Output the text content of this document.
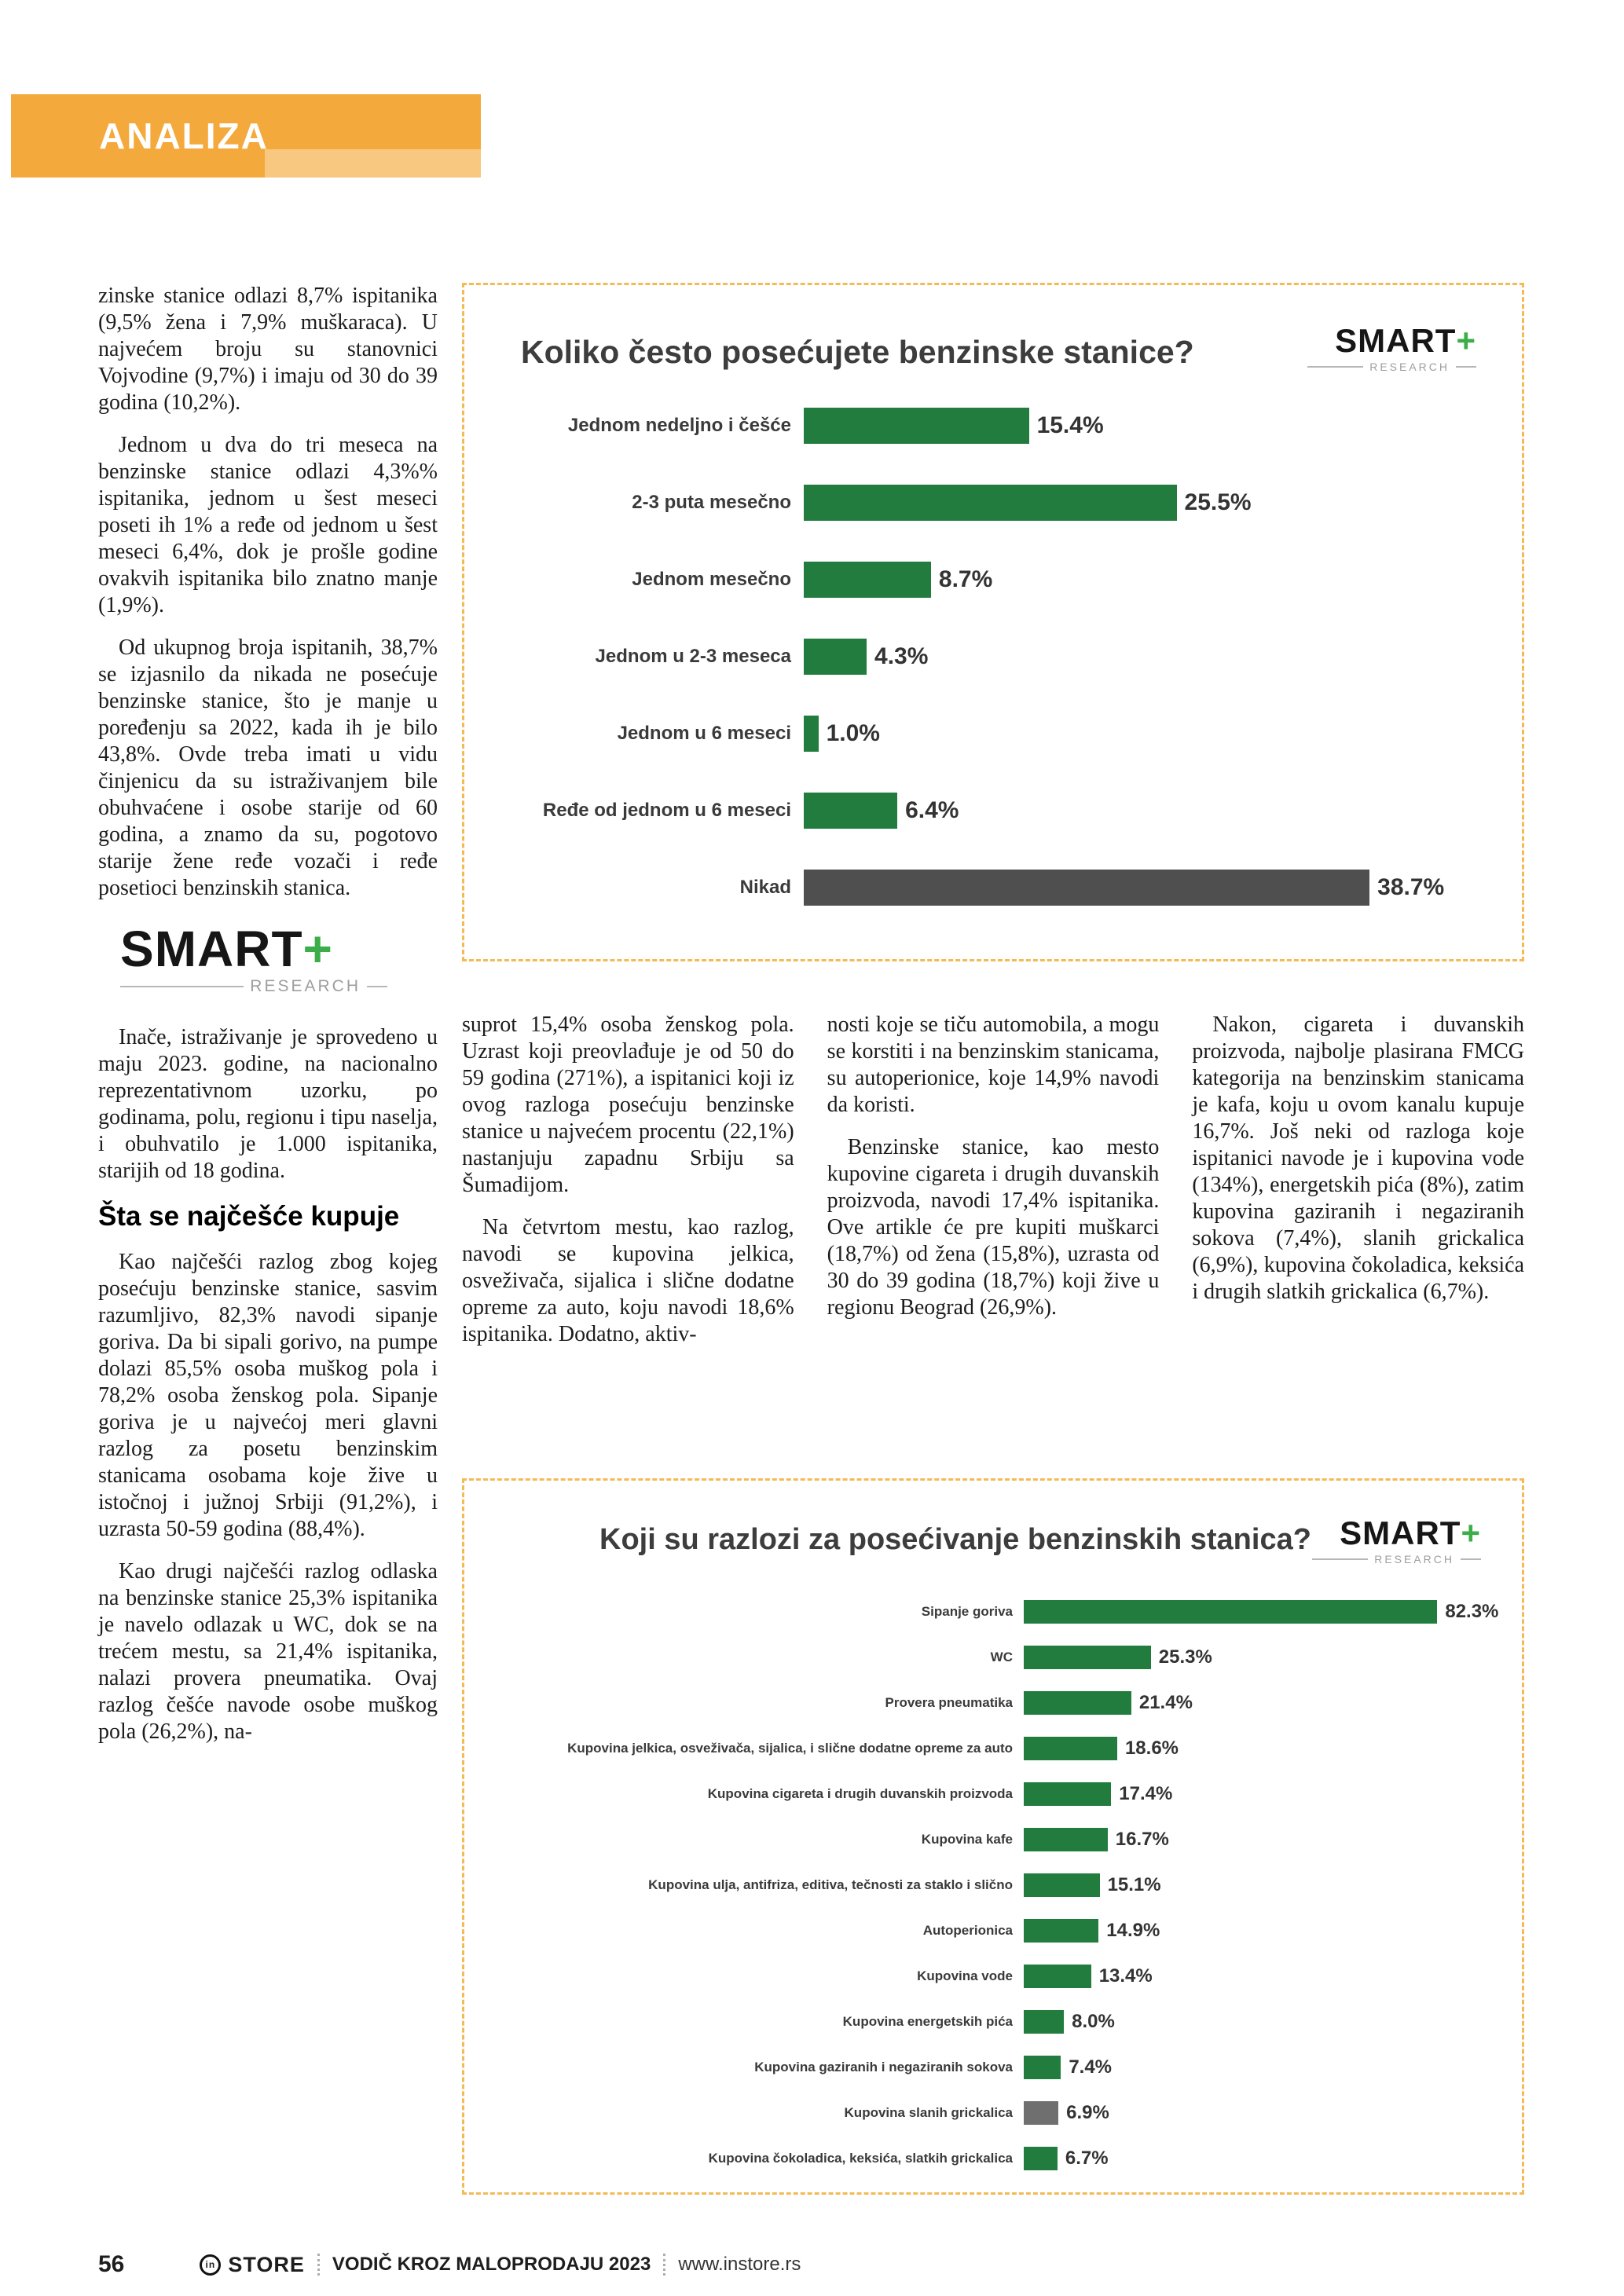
ANALIZA

zinske stanice odlazi 8,7% ispitanika (9,5% žena i 7,9% muškaraca). U najvećem broju su stanovnici Vojvodine (9,7%) i imaju od 30 do 39 godina (10,2%).

Jednom u dva do tri meseca na benzinske stanice odlazi 4,3%% ispitanika, jednom u šest meseci poseti ih 1% a ređe od jednom u šest meseci 6,4%, dok je prošle godine ovakvih ispitanika bilo znatno manje (1,9%).

Od ukupnog broja ispitanih, 38,7% se izjasnilo da nikada ne posećuje benzinske stanice, što je manje u poređenju sa 2022, kada ih je bilo 43,8%. Ovde treba imati u vidu činjenicu da su istraživanjem bile obuhvaćene i osobe starije od 60 godina, a znamo da su, pogotovo starije žene ređe vozači i ređe posetioci benzinskih stanica.

SMART+
RESEARCH

Inače, istraživanje je sprovedeno u maju 2023. godine, na nacionalno reprezentativnom uzorku, po godinama, polu, regionu i tipu naselja, i obuhvatilo je 1.000 ispitanika, starijih od 18 godina.

Šta se najčešće kupuje

Kao najčešći razlog zbog kojeg posećuju benzinske stanice, sasvim razumljivo, 82,3% navodi sipanje goriva. Da bi sipali gorivo, na pumpe dolazi 85,5% osoba muškog pola i 78,2% osoba ženskog pola. Sipanje goriva je u najvećoj meri glavni razlog za posetu benzinskim stanicama osobama koje žive u istočnoj i južnoj Srbiji (91,2%), i uzrasta 50-59 godina (88,4%).

Kao drugi najčešći razlog odlaska na benzinske stanice 25,3% ispitanika je navelo odlazak u WC, dok se na trećem mestu, sa 21,4% ispitanika, nalazi provera pneumatika. Ovaj razlog češće navode osobe muškog pola (26,2%), na-

Koliko često posećujete benzinske stanice?	SMART+
RESEARCH
Jednom nedeljno i češće	15.4%
2-3 puta mesečno	25.5%
Jednom mesečno	8.7%
Jednom u 2-3 meseca	4.3%
Jednom u 6 meseci	1.0%
Ređe od jednom u 6 meseci	6.4%
Nikad	38.7%

suprot 15,4% osoba ženskog pola. Uzrast koji preovlađuje je od 50 do 59 godina (271%), a ispitanici koji iz ovog razloga posećuju benzinske stanice u najvećem procentu (22,1%) nastanjuju zapadnu Srbiju sa Šumadijom.

Na četvrtom mestu, kao razlog, navodi se kupovina jelkica, osveživača, sijalica i slične dodatne opreme za auto, koju navodi 18,6% ispitanika. Dodatno, aktiv-

nosti koje se tiču automobila, a mogu se korstiti i na benzinskim stanicama, su autoperionice, koje 14,9% navodi da koristi.

Benzinske stanice, kao mesto kupovine cigareta i drugih duvanskih proizvoda, navodi 17,4% ispitanika. Ove artikle će pre kupiti muškarci (18,7%) od žena (15,8%), uzrasta od 30 do 39 godina (18,7%) koji žive u regionu Beograd (26,9%).

Nakon, cigareta i duvanskih proizvoda, najbolje plasirana FMCG kategorija na benzinskim stanicama je kafa, koju u ovom kanalu kupuje 16,7%. Još neki od razloga koje ispitanici navode je i kupovina vode (134%), energetskih pića (8%), zatim kupovina gaziranih i negaziranih sokova (7,4%), slanih grickalica (6,9%), kupovina čokoladica, keksića i drugih slatkih grickalica (6,7%).

Koji su razlozi za posećivanje benzinskih stanica? SMART+
RESEARCH
Sipanje goriva	82.3%
WC	25.3%
Provera pneumatika	21.4%
Kupovina jelkica, osveživača, sijalica, i slične dodatne opreme za auto	18.6%
Kupovina cigareta i drugih duvanskih proizvoda	17.4%
Kupovina kafe	16.7%
Kupovina ulja, antifriza, editiva, tečnosti za staklo i slično	15.1%
Autoperionica	14.9%
Kupovina vode	13.4%
Kupovina energetskih pića	8.0%
Kupovina gaziranih i negaziranih sokova	7.4%
Kupovina slanih grickalica	6.9%
Kupovina čokoladica, keksića, slatkih grickalica	6.7%
56	in STORE VODIČ KROZ MALOPRODAJU 2023 www.instore.rs
